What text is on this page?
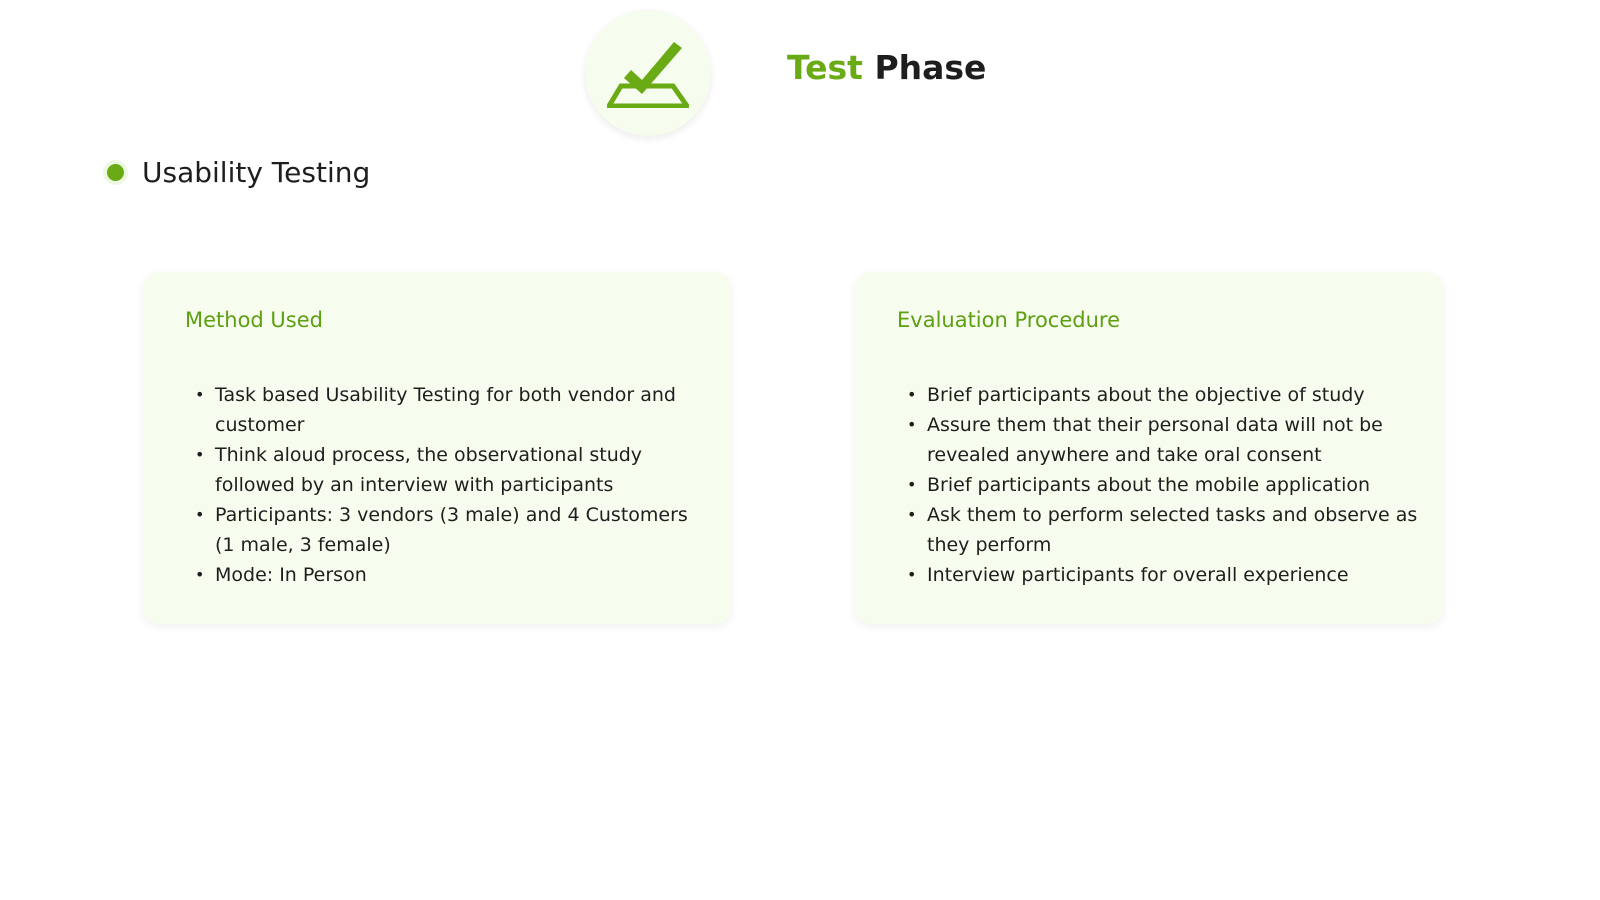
Test Phase
Usability Testing
Method Used
• Task based Usability Testing for both vendor and customer
• Think aloud process, the observational study followed by an interview with participants
• Participants: 3 vendors (3 male) and 4 Customers (1 male, 3 female)
• Mode: In Person
Evaluation Procedure
• Brief participants about the objective of study
• Assure them that their personal data will not be revealed anywhere and take oral consent
• Brief participants about the mobile application
• Ask them to perform selected tasks and observe as they perform
• Interview participants for overall experience
